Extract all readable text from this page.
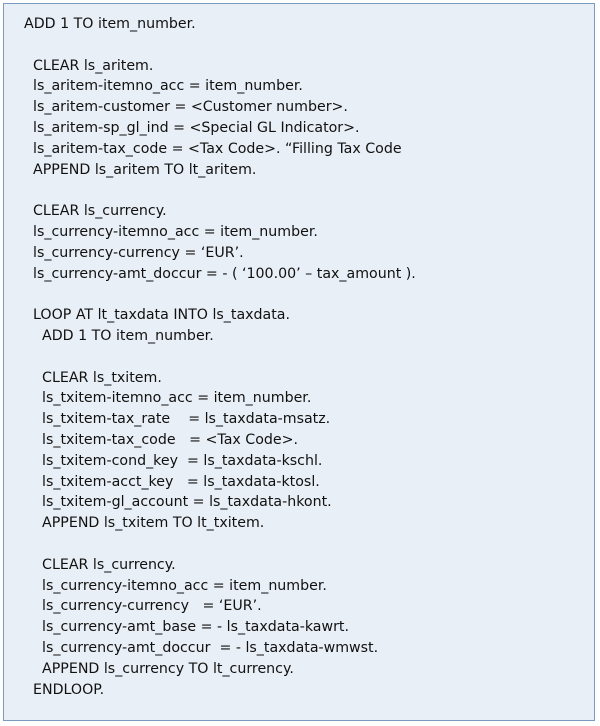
ADD 1 TO item_number.
CLEAR ls_aritem.
ls_aritem-itemno_acc = item_number.
ls_aritem-customer = <Customer number>.
ls_aritem-sp_gl_ind = <Special GL Indicator>.
ls_aritem-tax_code = <Tax Code>. “Filling Tax Code
APPEND ls_aritem TO lt_aritem.
CLEAR ls_currency.
ls_currency-itemno_acc = item_number.
ls_currency-currency = ‘EUR’.
ls_currency-amt_doccur = - ( ‘100.00’ – tax_amount ).
LOOP AT lt_taxdata INTO ls_taxdata.
ADD 1 TO item_number.
CLEAR ls_txitem.
ls_txitem-itemno_acc = item_number.
ls_txitem-tax_rate    = ls_taxdata-msatz.
ls_txitem-tax_code   = <Tax Code>.
ls_txitem-cond_key  = ls_taxdata-kschl.
ls_txitem-acct_key   = ls_taxdata-ktosl.
ls_txitem-gl_account = ls_taxdata-hkont.
APPEND ls_txitem TO lt_txitem.
CLEAR ls_currency.
ls_currency-itemno_acc = item_number.
ls_currency-currency   = ‘EUR’.
ls_currency-amt_base = - ls_taxdata-kawrt.
ls_currency-amt_doccur  = - ls_taxdata-wmwst.
APPEND ls_currency TO lt_currency.
ENDLOOP.
